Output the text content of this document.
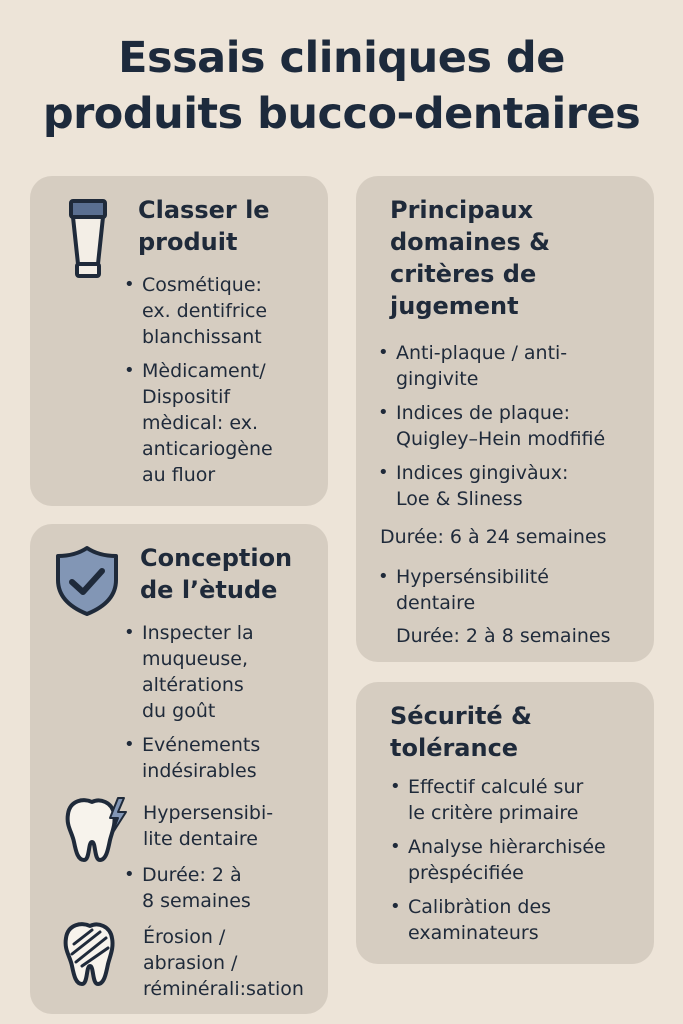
Essais cliniques de
produits bucco-dentaires
Classer le
produit
• Cosmétique:
ex. dentifrice
blanchissant
• Mèdicament/
Dispositif
mèdical: ex.
anticariogène
au fluor
Conception
de l’ètude
• Inspecter la
muqueuse,
altérations
du goût
• Evénements
indésirables
Hypersensibi-
lite dentaire
• Durée: 2 à
8 semaines
Érosion /
abrasion /
réminérali:sation
Principaux
domaines &
critères de
jugement
• Anti-plaque / anti-
gingivite
• Indices de plaque:
Quigley–Hein modfifié
• Indices gingivàux:
Loe & Sliness
Durée: 6 à 24 semaines
• Hypersénsibilité
dentaire
Durée: 2 à 8 semaines
Sécurité &
tolérance
• Effectif calculé sur
le critère primaire
• Analyse hièrarchisée
prèspécifiée
• Calibràtion des
examinateurs
